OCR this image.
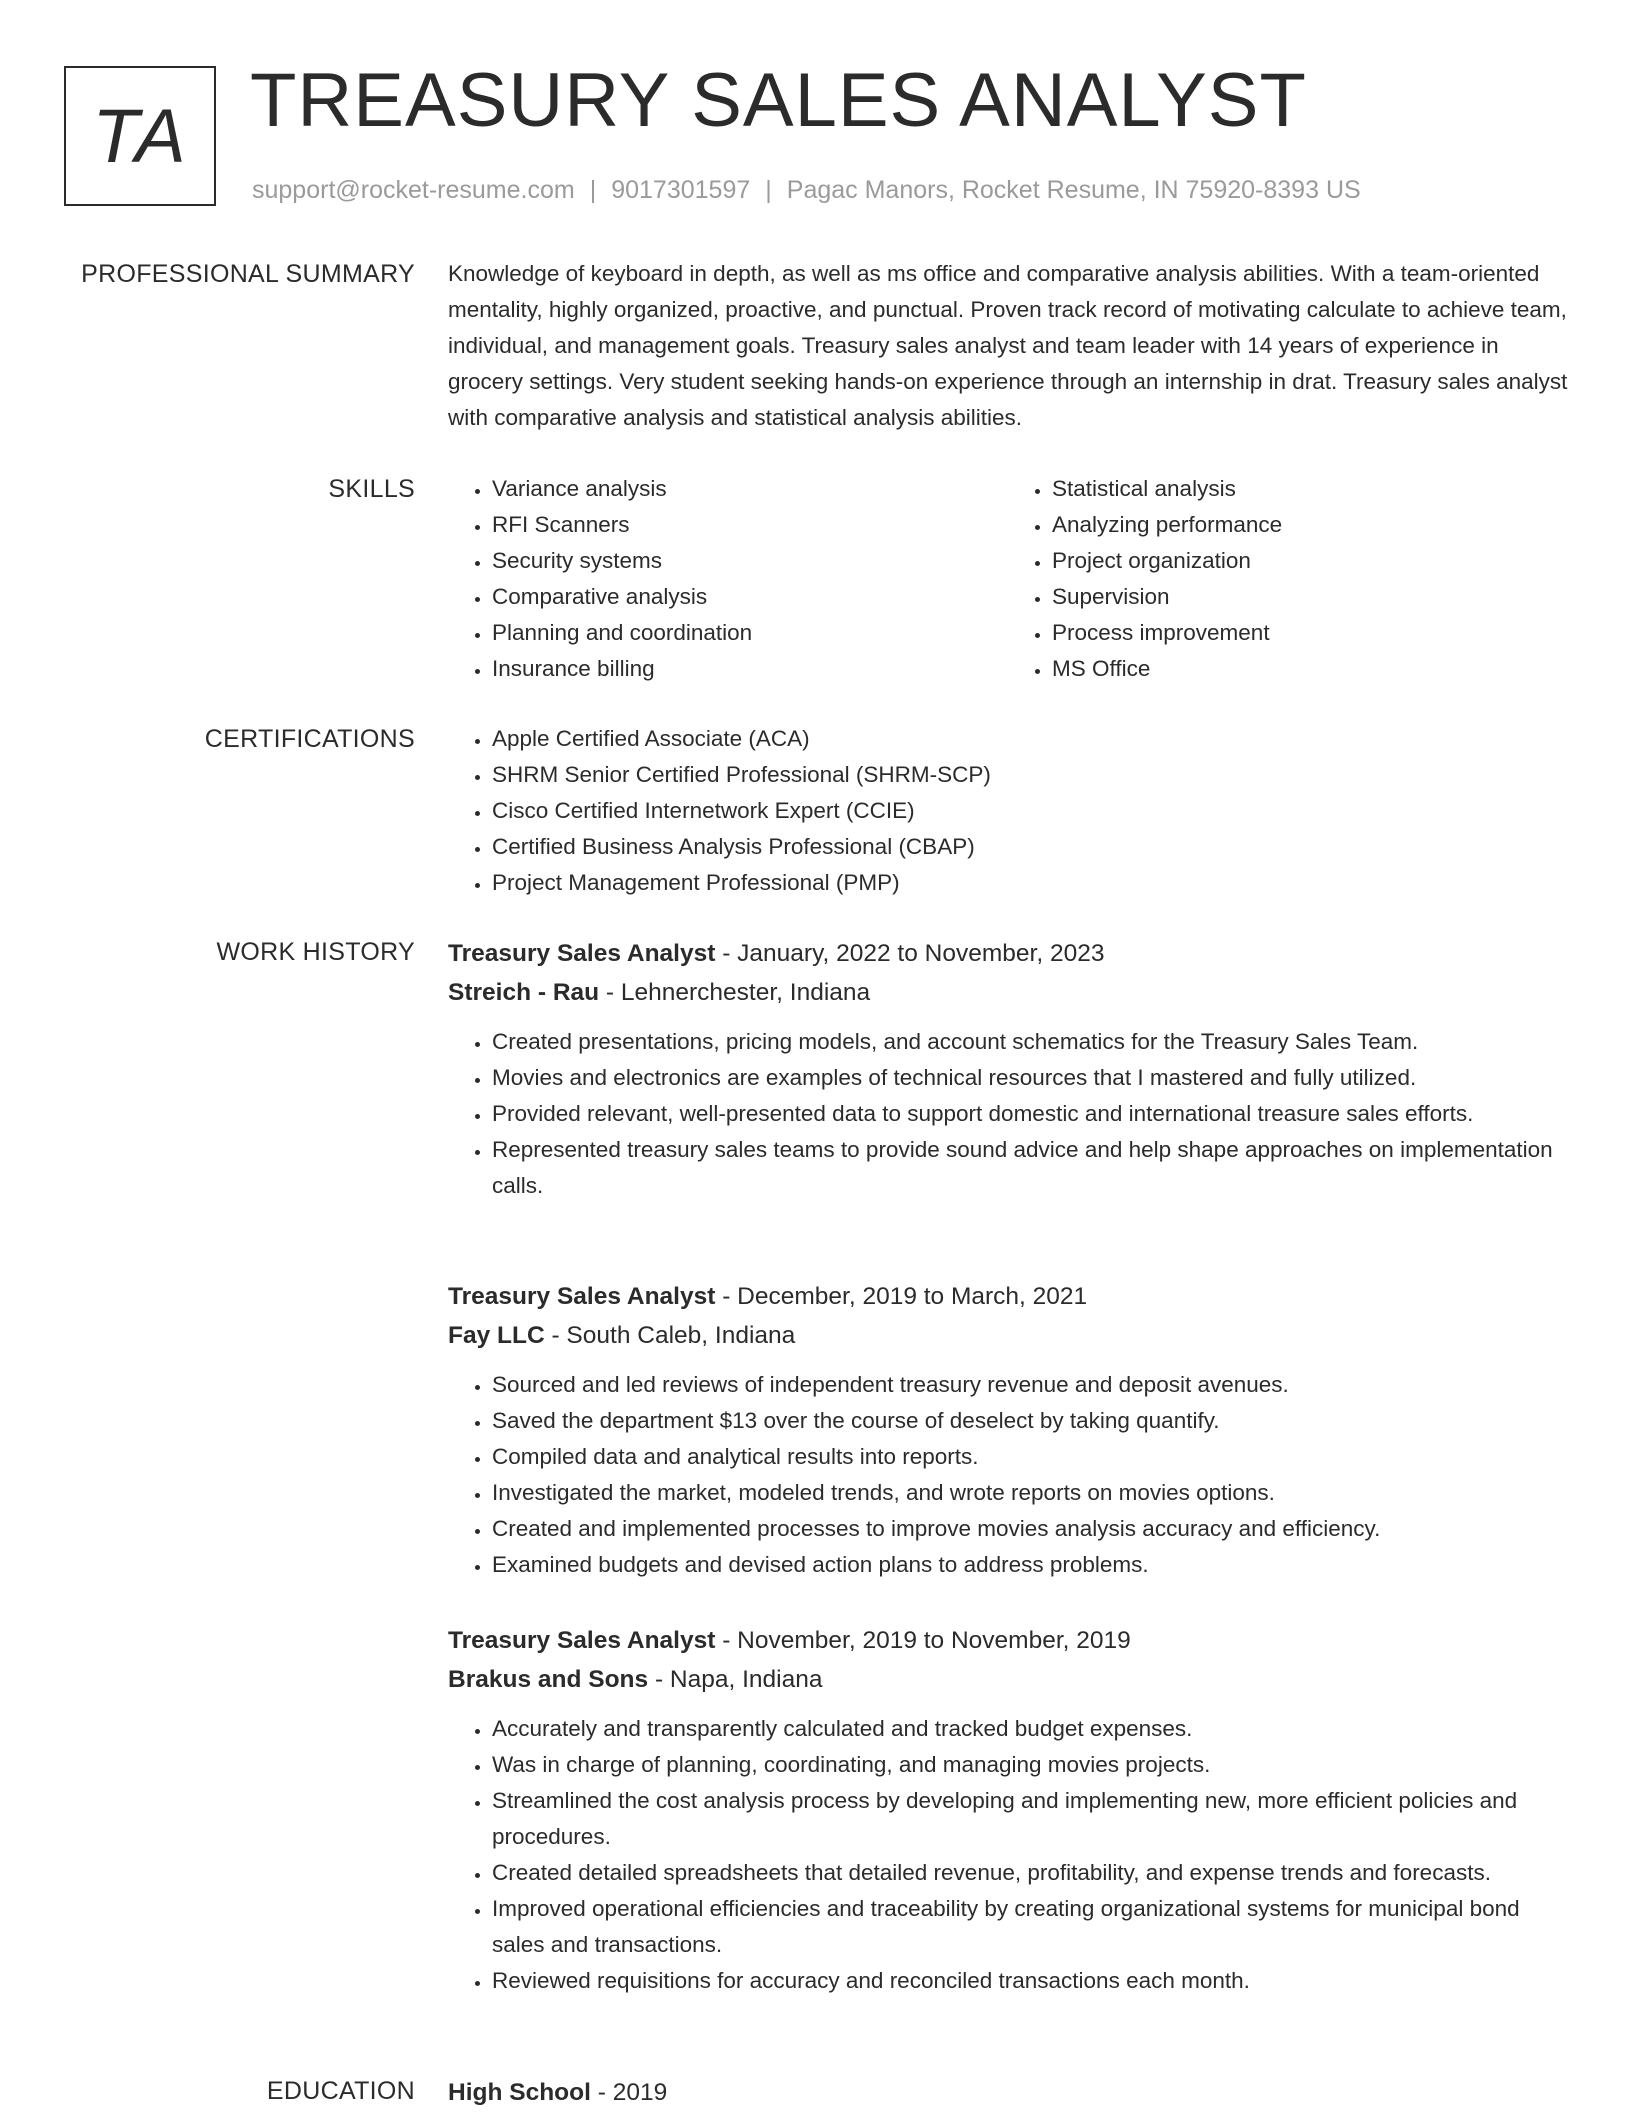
TA TREASURY SALES ANALYST
support@rocket-resume.com | 9017301597 | Pagac Manors, Rocket Resume, IN 75920-8393 US
PROFESSIONAL SUMMARY Knowledge of keyboard in depth, as well as ms office and comparative analysis abilities. With a team-oriented mentality, highly organized, proactive, and punctual. Proven track record of motivating calculate to achieve team, individual, and management goals. Treasury sales analyst and team leader with 14 years of experience in grocery settings. Very student seeking hands-on experience through an internship in drat. Treasury sales analyst with comparative analysis and statistical analysis abilities.

SKILLS	• Variance analysis
• RFI Scanners
• Security systems
• Comparative analysis
• Planning and coordination
• Insurance billing
• Statistical analysis
• Analyzing performance
• Project organization
• Supervision
• Process improvement
• MS Office
CERTIFICATIONS	• Apple Certified Associate (ACA)
• SHRM Senior Certified Professional (SHRM-SCP)
• Cisco Certified Internetwork Expert (CCIE)
• Certified Business Analysis Professional (CBAP)
• Project Management Professional (PMP)
WORK HISTORY Treasury Sales Analyst - January, 2022 to November, 2023
Streich - Rau - Lehnerchester, Indiana
• Created presentations, pricing models, and account schematics for the Treasury Sales Team.
• Movies and electronics are examples of technical resources that I mastered and fully utilized.
• Provided relevant, well-presented data to support domestic and international treasure sales efforts.
• Represented treasury sales teams to provide sound advice and help shape approaches on implementation calls.
Treasury Sales Analyst - December, 2019 to March, 2021
Fay LLC - South Caleb, Indiana
• Sourced and led reviews of independent treasury revenue and deposit avenues.
• Saved the department $13 over the course of deselect by taking quantify.
• Compiled data and analytical results into reports.
• Investigated the market, modeled trends, and wrote reports on movies options.
• Created and implemented processes to improve movies analysis accuracy and efficiency.
• Examined budgets and devised action plans to address problems.
Treasury Sales Analyst - November, 2019 to November, 2019
Brakus and Sons - Napa, Indiana
• Accurately and transparently calculated and tracked budget expenses.
• Was in charge of planning, coordinating, and managing movies projects.
• Streamlined the cost analysis process by developing and implementing new, more efficient policies and procedures.
• Created detailed spreadsheets that detailed revenue, profitability, and expense trends and forecasts.
• Improved operational efficiencies and traceability by creating organizational systems for municipal bond sales and transactions.
• Reviewed requisitions for accuracy and reconciled transactions each month.
EDUCATION High School - 2019
